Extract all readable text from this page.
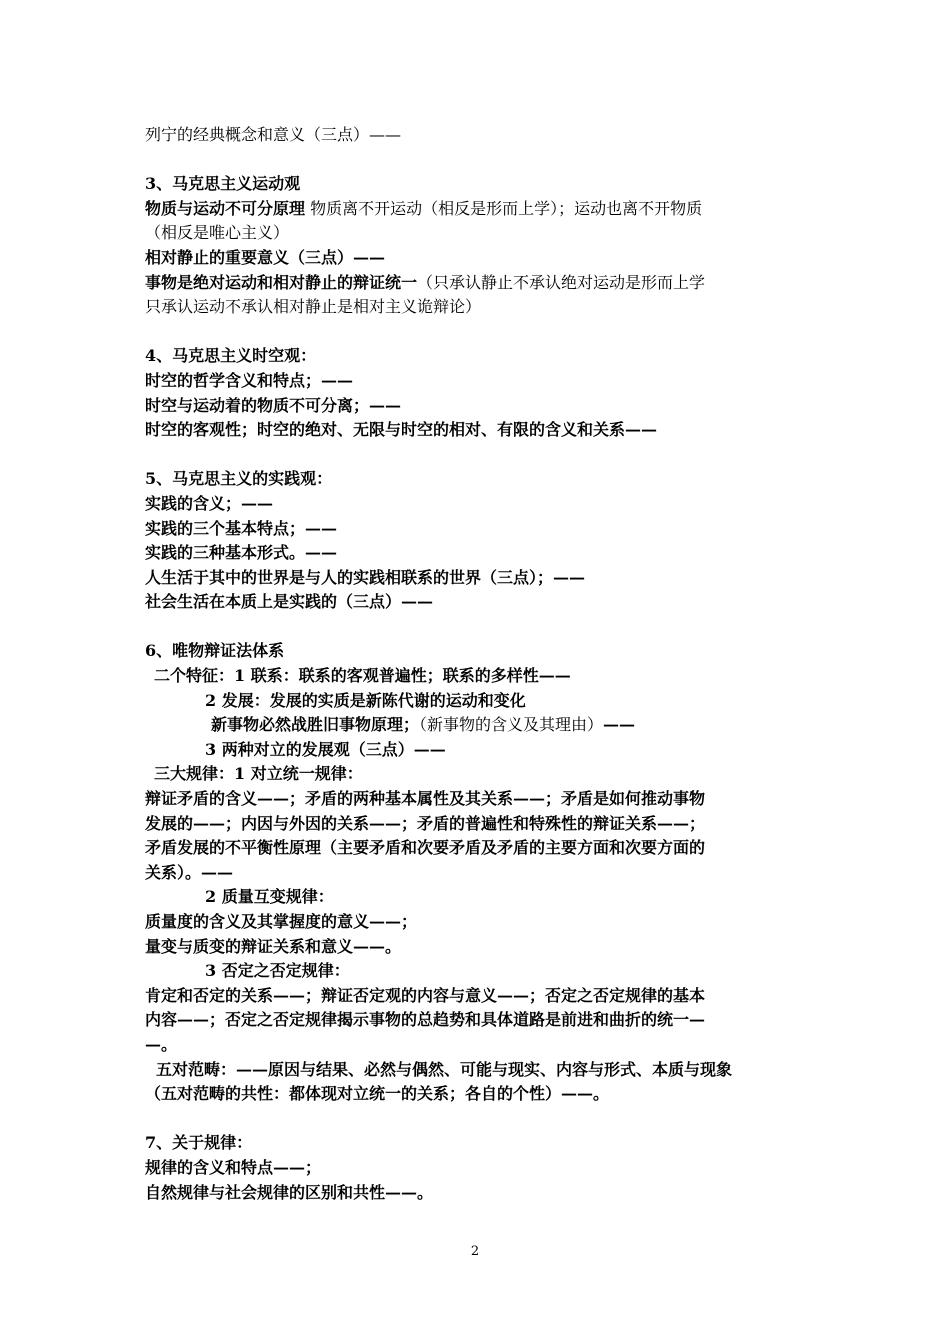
列宁的经典概念和意义（三点）——
3、马克思主义运动观
物质与运动不可分原理 物质离不开运动（相反是形而上学）；运动也离不开物质
（相反是唯心主义）
相对静止的重要意义（三点）——
事物是绝对运动和相对静止的辩证统一（只承认静止不承认绝对运动是形而上学
只承认运动不承认相对静止是相对主义诡辩论）
4、马克思主义时空观：
时空的哲学含义和特点；——
时空与运动着的物质不可分离；——
时空的客观性；时空的绝对、无限与时空的相对、有限的含义和关系——
5、马克思主义的实践观：
实践的含义；——
实践的三个基本特点；——
实践的三种基本形式。——
人生活于其中的世界是与人的实践相联系的世界（三点）；——
社会生活在本质上是实践的（三点）——
6、唯物辩证法体系
二个特征：1 联系：联系的客观普遍性；联系的多样性——
2 发展：发展的实质是新陈代谢的运动和变化
新事物必然战胜旧事物原理；（新事物的含义及其理由）——
3 两种对立的发展观（三点）——
三大规律：1 对立统一规律：
辩证矛盾的含义——；矛盾的两种基本属性及其关系——；矛盾是如何推动事物
发展的——；内因与外因的关系——；矛盾的普遍性和特殊性的辩证关系——；
矛盾发展的不平衡性原理（主要矛盾和次要矛盾及矛盾的主要方面和次要方面的
关系）。——
2 质量互变规律：
质量度的含义及其掌握度的意义——；
量变与质变的辩证关系和意义——。
3 否定之否定规律：
肯定和否定的关系——；辩证否定观的内容与意义——；否定之否定规律的基本
内容——；否定之否定规律揭示事物的总趋势和具体道路是前进和曲折的统一—
—。
五对范畴：——原因与结果、必然与偶然、可能与现实、内容与形式、本质与现象
（五对范畴的共性：都体现对立统一的关系；各自的个性）——。
7、关于规律：
规律的含义和特点——；
自然规律与社会规律的区别和共性——。
2
